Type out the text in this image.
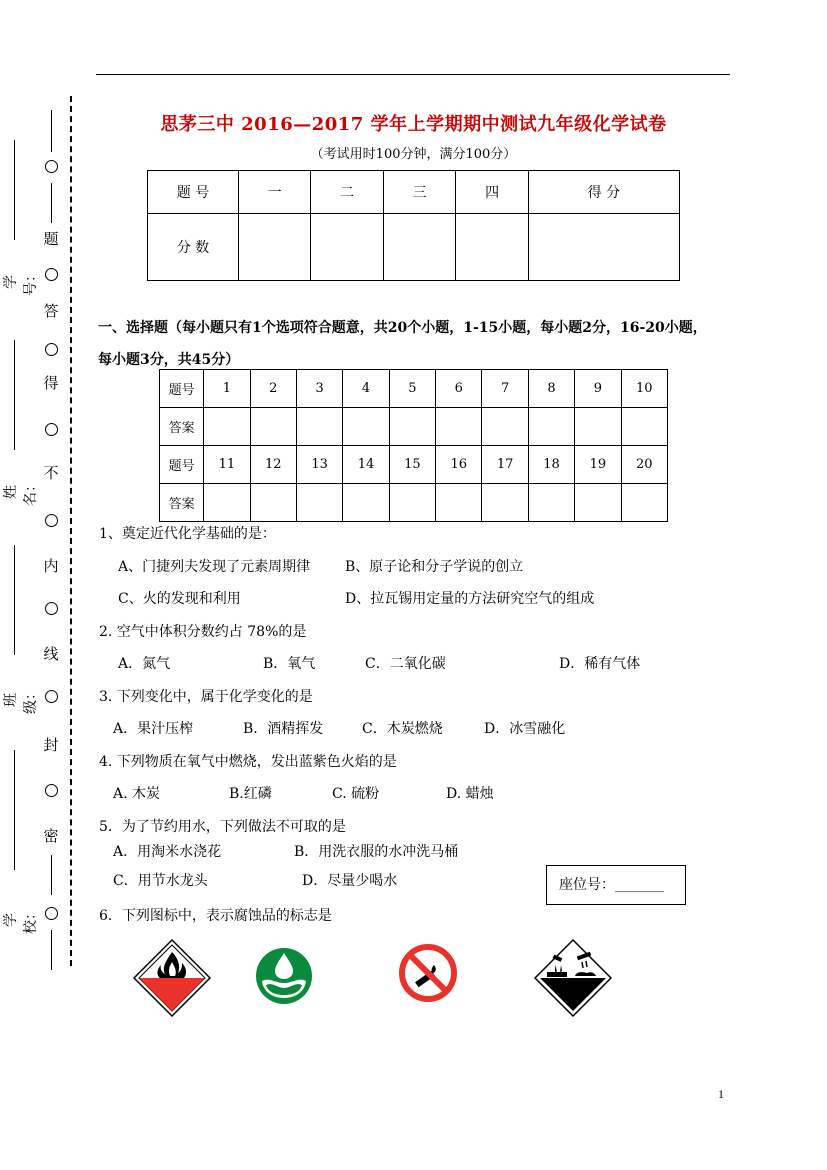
学号：
姓名：
班级：
学校：
题
答
得
不
内
线
封
密
思茅三中 2016—2017 学年上学期期中测试九年级化学试卷
（考试用时100分钟，满分100分）
题 号	一	二	三	四	得 分
分 数					
一、选择题（每小题只有1个选项符合题意，共20个小题，1-15小题，每小题2分，16-20小题，
每小题3分，共45分）
题号	1	2	3	4	5	6	7	8	9	10
答案										
题号	11	12	13	14	15	16	17	18	19	20
答案										
1、奠定近代化学基础的是：
A、门捷列夫发现了元素周期律 B、原子论和分子学说的创立
C、火的发现和利用	D、拉瓦锡用定量的方法研究空气的组成
2. 空气中体积分数约占 78%的是
A．氮气	B．氧气	C．二氧化碳	D．稀有气体
3. 下列变化中，属于化学变化的是
A．果汁压榨	B．酒精挥发	C．木炭燃烧	D．冰雪融化
4. 下列物质在氧气中燃烧，发出蓝紫色火焰的是
A. 木炭	B.红磷	C. 硫粉	D. 蜡烛
5．为了节约用水，下列做法不可取的是
A．用淘米水浇花	B．用洗衣服的水冲洗马桶
C．用节水龙头	D．尽量少喝水	座位号：_______
6．下列图标中，表示腐蚀品的标志是
1
